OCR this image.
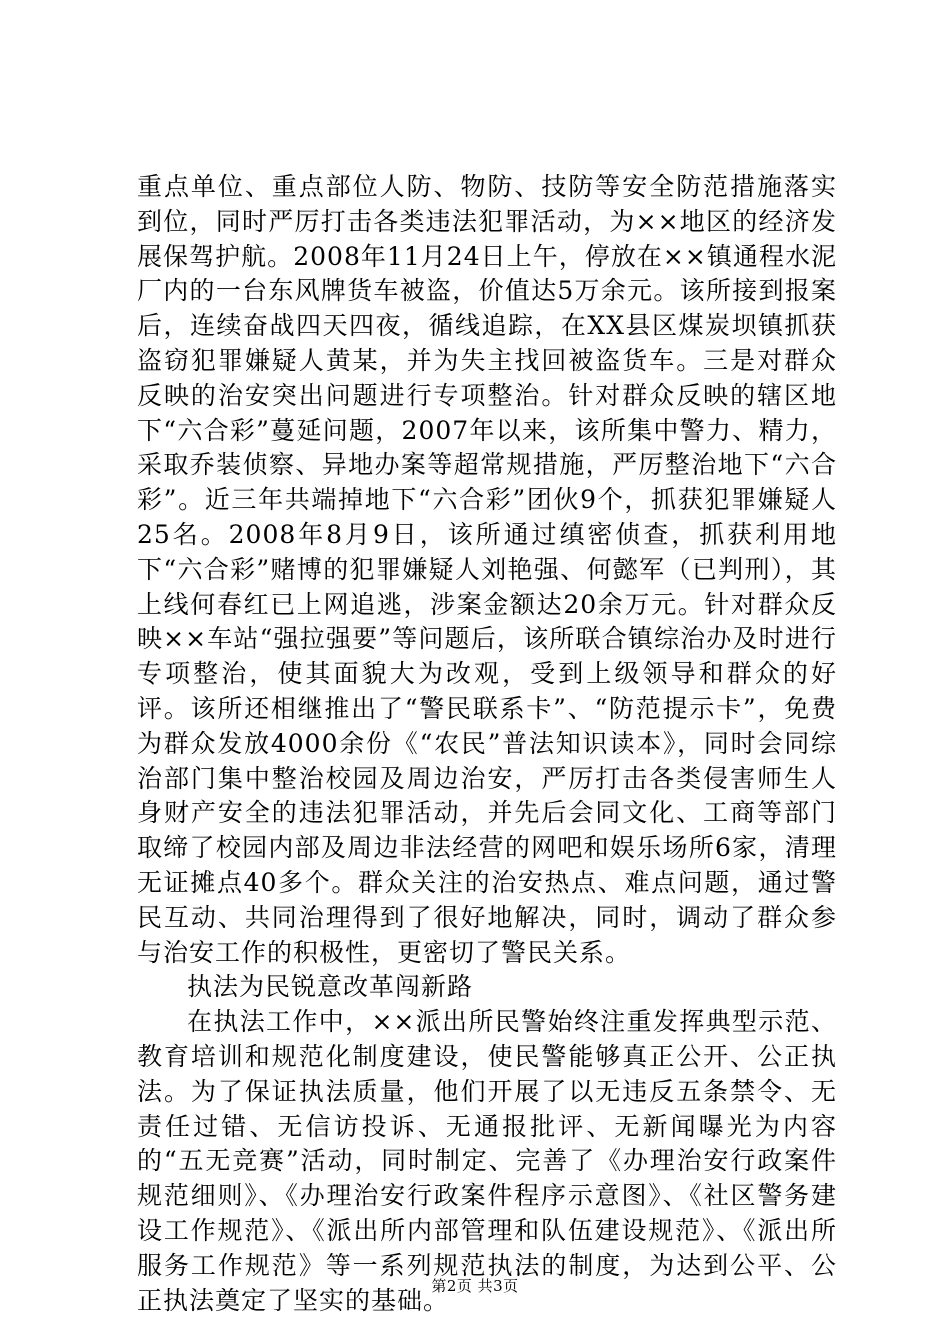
重点单位、重点部位人防、物防、技防等安全防范措施落实到位，同时严厉打击各类违法犯罪活动，为××地区的经济发展保驾护航。2008年11月24日上午，停放在××镇通程水泥厂内的一台东风牌货车被盗，价值达5万余元。该所接到报案后，连续奋战四天四夜，循线追踪，在XX县区煤炭坝镇抓获盗窃犯罪嫌疑人黄某，并为失主找回被盗货车。三是对群众反映的治安突出问题进行专项整治。针对群众反映的辖区地下“六合彩”蔓延问题，2007年以来，该所集中警力、精力，采取乔装侦察、异地办案等超常规措施，严厉整治地下“六合彩”。近三年共端掉地下“六合彩”团伙9个，抓获犯罪嫌疑人25名。2008年8月9日，该所通过缜密侦查，抓获利用地下“六合彩”赌博的犯罪嫌疑人刘艳强、何懿军（已判刑），其上线何春红已上网追逃，涉案金额达20余万元。针对群众反映××车站“强拉强要”等问题后，该所联合镇综治办及时进行专项整治，使其面貌大为改观，受到上级领导和群众的好评。该所还相继推出了“警民联系卡”、“防范提示卡”，免费为群众发放4000余份《“农民”普法知识读本》，同时会同综治部门集中整治校园及周边治安，严厉打击各类侵害师生人身财产安全的违法犯罪活动，并先后会同文化、工商等部门取缔了校园内部及周边非法经营的网吧和娱乐场所6家，清理无证摊点40多个。群众关注的治安热点、难点问题，通过警民互动、共同治理得到了很好地解决，同时，调动了群众参与治安工作的积极性，更密切了警民关系。

执法为民锐意改革闯新路

在执法工作中，××派出所民警始终注重发挥典型示范、教育培训和规范化制度建设，使民警能够真正公开、公正执法。为了保证执法质量，他们开展了以无违反五条禁令、无责任过错、无信访投诉、无通报批评、无新闻曝光为内容的“五无竞赛”活动，同时制定、完善了《办理治安行政案件规范细则》、《办理治安行政案件程序示意图》、《社区警务建设工作规范》、《派出所内部管理和队伍建设规范》、《派出所服务工作规范》等一系列规范执法的制度，为达到公平、公正执法奠定了坚实的基础。

第2页 共3页
